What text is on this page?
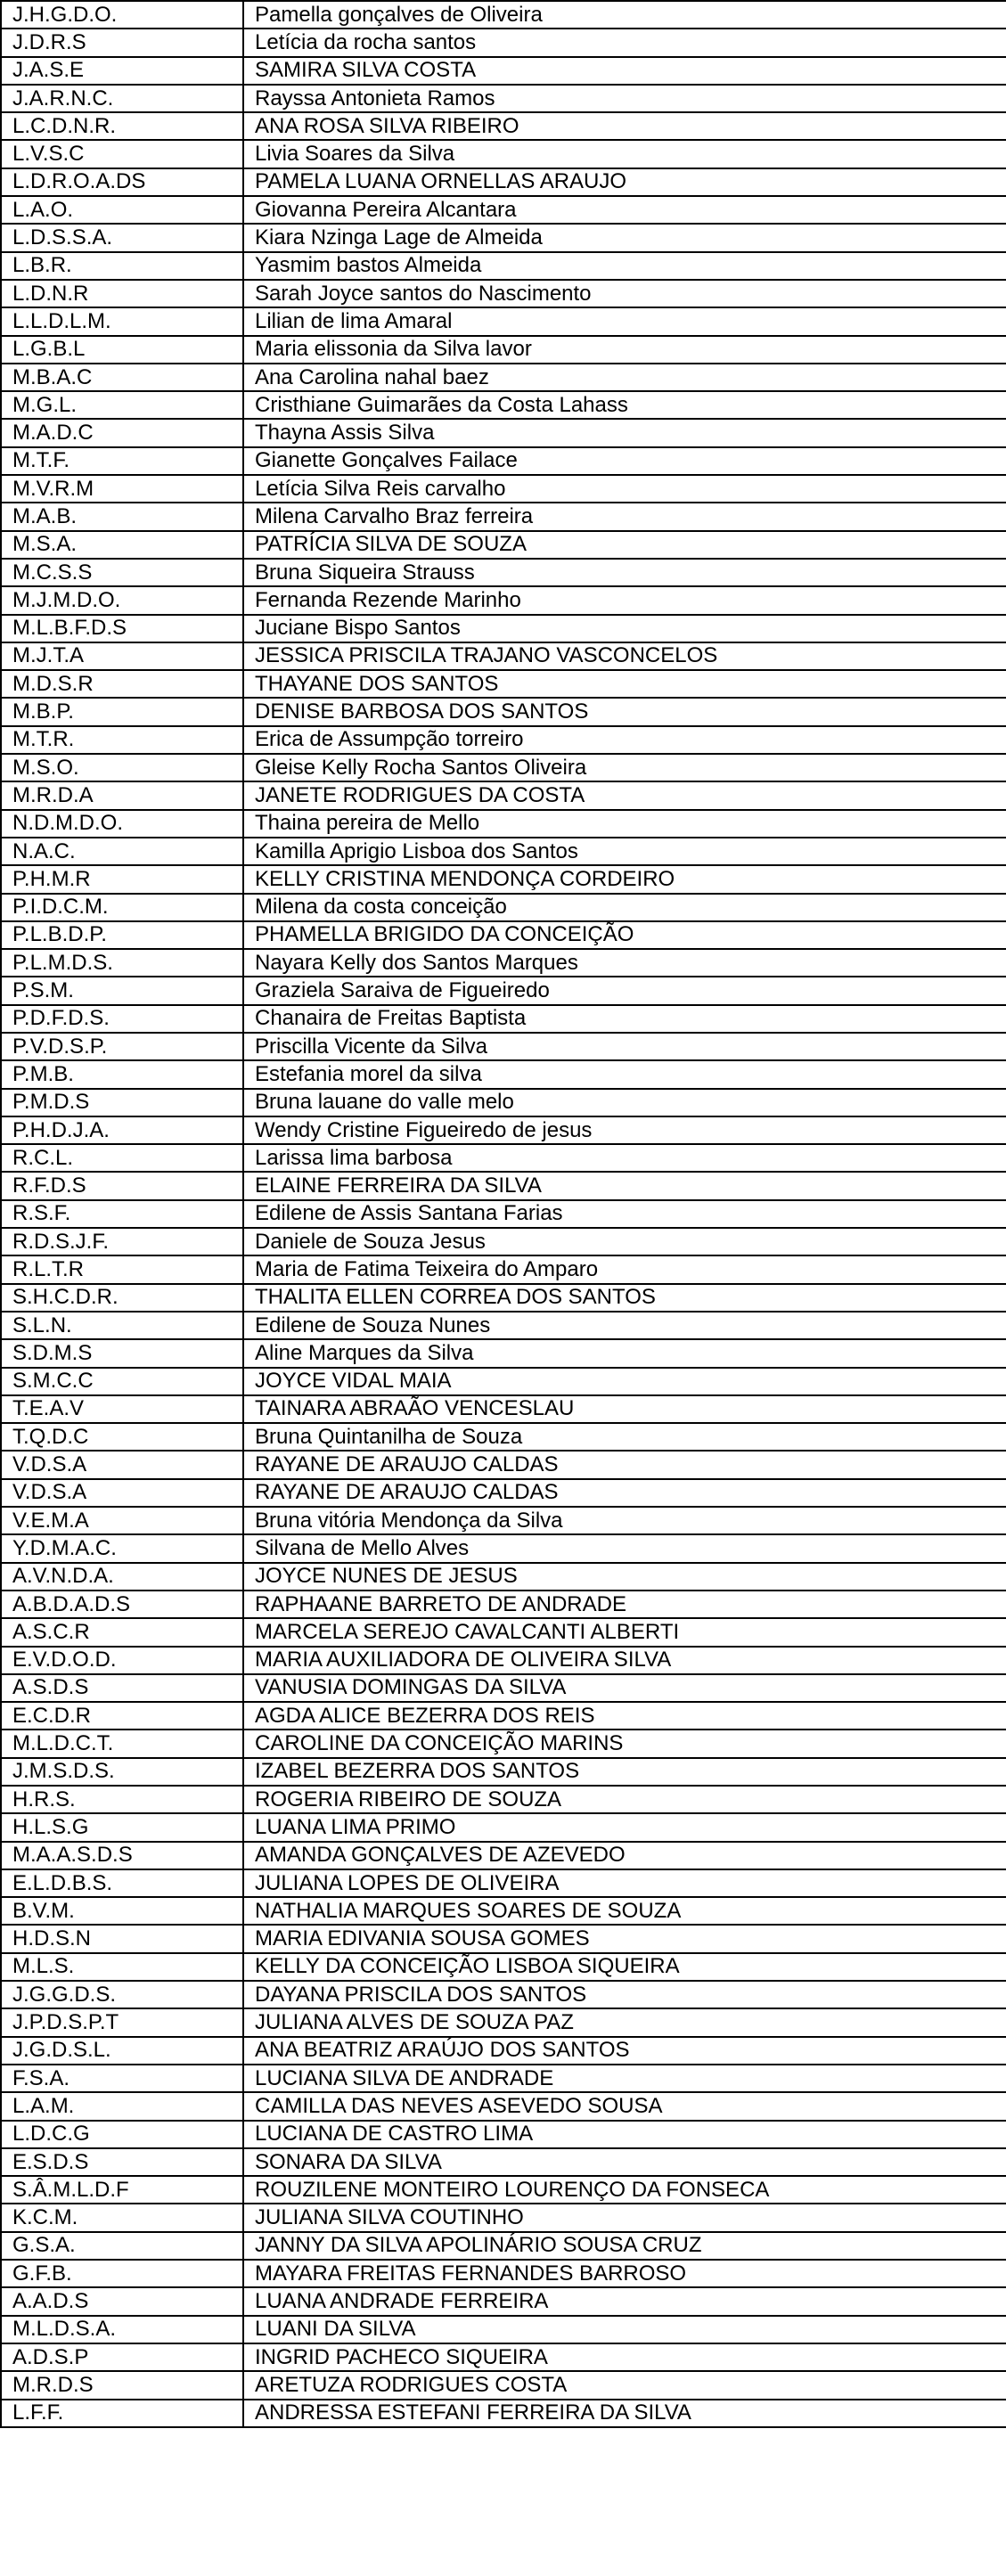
J.H.G.D.O.	Pamella gonçalves de Oliveira
J.D.R.S	Letícia da rocha santos
J.A.S.E	SAMIRA SILVA COSTA
J.A.R.N.C.	Rayssa Antonieta Ramos
L.C.D.N.R.	ANA ROSA SILVA RIBEIRO
L.V.S.C	Livia Soares da Silva
L.D.R.O.A.DS	PAMELA LUANA ORNELLAS ARAUJO
L.A.O.	Giovanna Pereira Alcantara
L.D.S.S.A.	Kiara Nzinga Lage de Almeida
L.B.R.	Yasmim bastos Almeida
L.D.N.R	Sarah Joyce santos do Nascimento
L.L.D.L.M.	Lilian de lima Amaral
L.G.B.L	Maria elissonia da Silva lavor
M.B.A.C	Ana Carolina nahal baez
M.G.L.	Cristhiane Guimarães da Costa Lahass
M.A.D.C	Thayna Assis Silva
M.T.F.	Gianette Gonçalves Failace
M.V.R.M	Letícia Silva Reis carvalho
M.A.B.	Milena Carvalho Braz ferreira
M.S.A.	PATRÍCIA SILVA DE SOUZA
M.C.S.S	Bruna Siqueira Strauss
M.J.M.D.O.	Fernanda Rezende Marinho
M.L.B.F.D.S	Juciane Bispo Santos
M.J.T.A	JESSICA PRISCILA TRAJANO VASCONCELOS
M.D.S.R	THAYANE DOS SANTOS
M.B.P.	DENISE BARBOSA DOS SANTOS
M.T.R.	Erica de Assumpção torreiro
M.S.O.	Gleise Kelly Rocha Santos Oliveira
M.R.D.A	JANETE RODRIGUES DA COSTA
N.D.M.D.O.	Thaina pereira de Mello
N.A.C.	Kamilla Aprigio Lisboa dos Santos
P.H.M.R	KELLY CRISTINA MENDONÇA CORDEIRO
P.I.D.C.M.	Milena da costa conceição
P.L.B.D.P.	PHAMELLA BRIGIDO DA CONCEIÇÃO
P.L.M.D.S.	Nayara Kelly dos Santos Marques
P.S.M.	Graziela Saraiva de Figueiredo
P.D.F.D.S.	Chanaira de Freitas Baptista
P.V.D.S.P.	Priscilla Vicente da Silva
P.M.B.	Estefania morel da silva
P.M.D.S	Bruna lauane do valle melo
P.H.D.J.A.	Wendy Cristine Figueiredo de jesus
R.C.L.	Larissa lima barbosa
R.F.D.S	ELAINE FERREIRA DA SILVA
R.S.F.	Edilene de Assis Santana Farias
R.D.S.J.F.	Daniele de Souza Jesus
R.L.T.R	Maria de Fatima Teixeira do Amparo
S.H.C.D.R.	THALITA ELLEN CORREA DOS SANTOS
S.L.N.	Edilene de Souza Nunes
S.D.M.S	Aline Marques da Silva
S.M.C.C	JOYCE VIDAL MAIA
T.E.A.V	TAINARA ABRAÃO VENCESLAU
T.Q.D.C	Bruna Quintanilha de Souza
V.D.S.A	RAYANE DE ARAUJO CALDAS
V.D.S.A	RAYANE DE ARAUJO CALDAS
V.E.M.A	Bruna vitória Mendonça da Silva
Y.D.M.A.C.	Silvana de Mello Alves
A.V.N.D.A.	JOYCE NUNES DE JESUS
A.B.D.A.D.S	RAPHAANE BARRETO DE ANDRADE
A.S.C.R	MARCELA SEREJO CAVALCANTI ALBERTI
E.V.D.O.D.	MARIA AUXILIADORA DE OLIVEIRA SILVA
A.S.D.S	VANUSIA DOMINGAS DA SILVA
E.C.D.R	AGDA ALICE BEZERRA DOS REIS
M.L.D.C.T.	CAROLINE DA CONCEIÇÃO MARINS
J.M.S.D.S.	IZABEL BEZERRA DOS SANTOS
H.R.S.	ROGERIA RIBEIRO DE SOUZA
H.L.S.G	LUANA LIMA PRIMO
M.A.A.S.D.S	AMANDA GONÇALVES DE AZEVEDO
E.L.D.B.S.	JULIANA LOPES DE OLIVEIRA
B.V.M.	NATHALIA MARQUES SOARES DE SOUZA
H.D.S.N	MARIA EDIVANIA SOUSA GOMES
M.L.S.	KELLY DA CONCEIÇÃO LISBOA SIQUEIRA
J.G.G.D.S.	DAYANA PRISCILA DOS SANTOS
J.P.D.S.P.T	JULIANA ALVES DE SOUZA PAZ
J.G.D.S.L.	ANA BEATRIZ ARAÚJO DOS SANTOS
F.S.A.	LUCIANA SILVA DE ANDRADE
L.A.M.	CAMILLA DAS NEVES ASEVEDO SOUSA
L.D.C.G	LUCIANA DE CASTRO LIMA
E.S.D.S	SONARA DA SILVA
S.Â.M.L.D.F	ROUZILENE MONTEIRO LOURENÇO DA FONSECA
K.C.M.	JULIANA SILVA COUTINHO
G.S.A.	JANNY DA SILVA APOLINÁRIO SOUSA CRUZ
G.F.B.	MAYARA FREITAS FERNANDES BARROSO
A.A.D.S	LUANA ANDRADE FERREIRA
M.L.D.S.A.	LUANI DA SILVA
A.D.S.P	INGRID PACHECO SIQUEIRA
M.R.D.S	ARETUZA RODRIGUES COSTA
L.F.F.	ANDRESSA ESTEFANI FERREIRA DA SILVA
